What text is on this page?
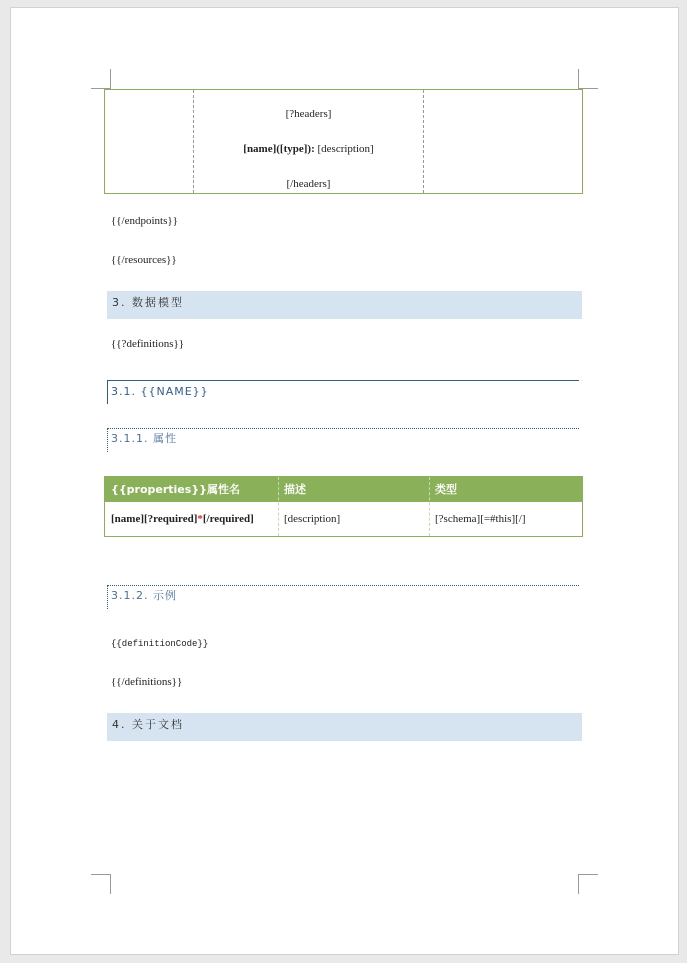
[?headers]
[name]([type]): [description]
[/headers]
{{/endpoints}}
{{/resources}}
3. 数据模型
{{?definitions}}
3.1. {{NAME}}
3.1.1. 属性
{{properties}}属性名	描述	类型
[name][?required]*[/required]	[description]	[?schema][=#this][/]
3.1.2. 示例
{{definitionCode}}
{{/definitions}}
4. 关于文档
